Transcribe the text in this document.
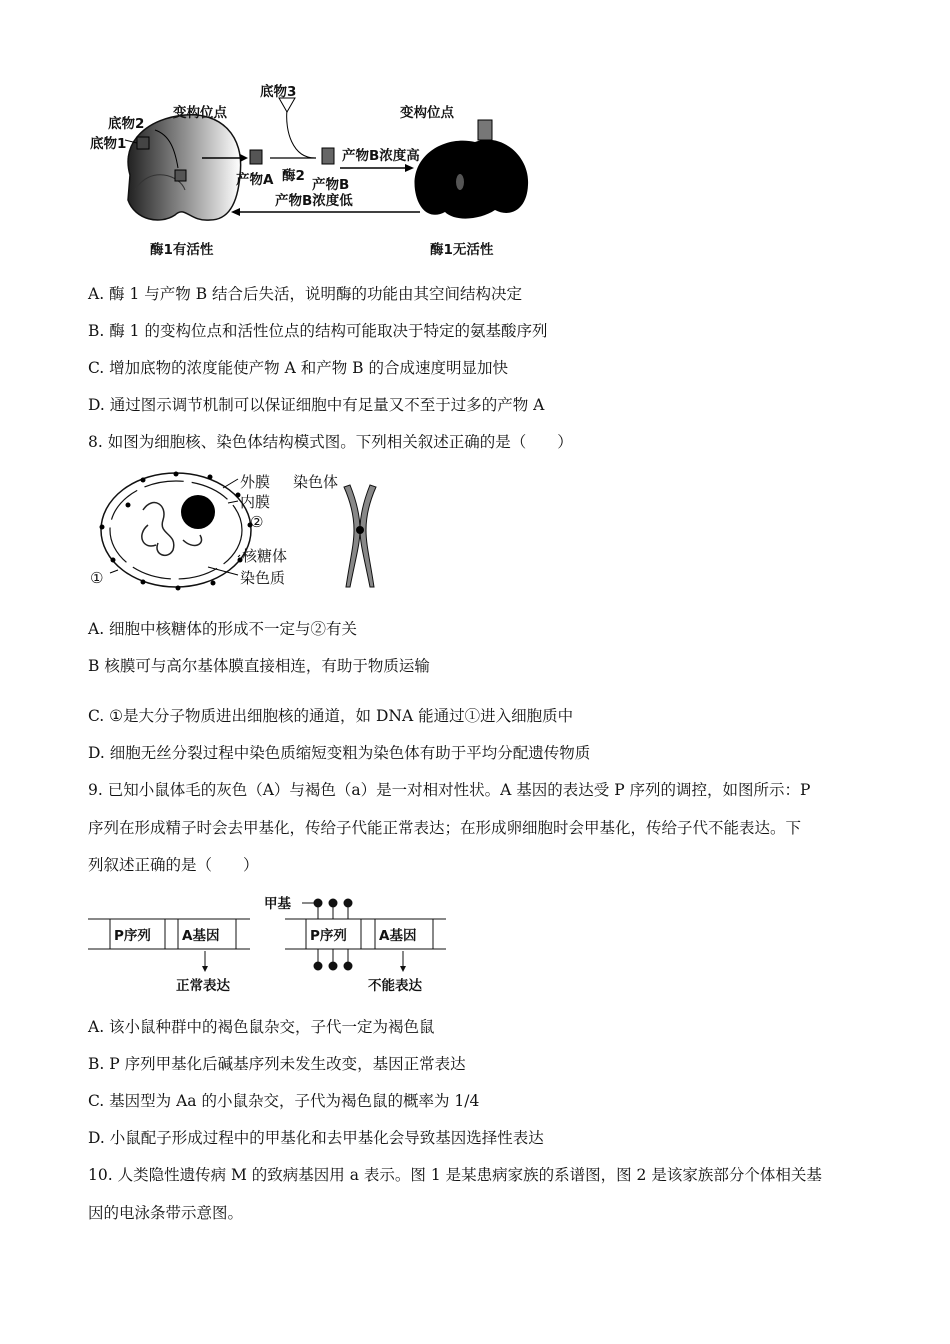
底物2
底物1
变构位点
底物3
产物A 酶2
产物B
产物B浓度高
产物B浓度低
变构位点
酶1有活性	酶1无活性
A. 酶 1 与产物 B 结合后失活，说明酶的功能由其空间结构决定
B. 酶 1 的变构位点和活性位点的结构可能取决于特定的氨基酸序列
C. 增加底物的浓度能使产物 A 和产物 B 的合成速度明显加快
D. 通过图示调节机制可以保证细胞中有足量又不至于过多的产物 A
8. 如图为细胞核、染色体结构模式图。下列相关叙述正确的是（　　）
外膜
内膜
染色体
②
核糖体
①	染色质
A. 细胞中核糖体的形成不一定与②有关
B 核膜可与高尔基体膜直接相连，有助于物质运输
C. ①是大分子物质进出细胞核的通道，如 DNA 能通过①进入细胞质中
D. 细胞无丝分裂过程中染色质缩短变粗为染色体有助于平均分配遗传物质
9. 已知小鼠体毛的灰色（A）与褐色（a）是一对相对性状。A 基因的表达受 P 序列的调控，如图所示：P
序列在形成精子时会去甲基化，传给子代能正常表达；在形成卵细胞时会甲基化，传给子代不能表达。下
列叙述正确的是（　　）
P序列 A基因
正常表达
甲基
P序列 A基因
不能表达
A. 该小鼠种群中的褐色鼠杂交，子代一定为褐色鼠
B. P 序列甲基化后碱基序列未发生改变，基因正常表达
C. 基因型为 Aa 的小鼠杂交，子代为褐色鼠的概率为 1/4
D. 小鼠配子形成过程中的甲基化和去甲基化会导致基因选择性表达
10. 人类隐性遗传病 M 的致病基因用 a 表示。图 1 是某患病家族的系谱图，图 2 是该家族部分个体相关基
因的电泳条带示意图。
